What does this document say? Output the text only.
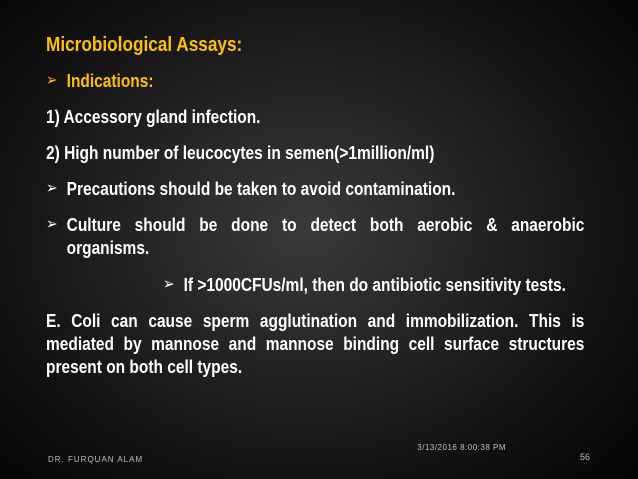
Microbiological Assays:
➢ Indications:
1) Accessory gland infection.
2) High number of leucocytes in semen(>1million/ml)
➢ Precautions should be taken to avoid contamination.
➢ Culture should be done to detect both aerobic & anaerobic organisms.
➢ If >1000CFUs/ml, then do antibiotic sensitivity tests.
E. Coli can cause sperm agglutination and immobilization. This is mediated by mannose and mannose binding cell surface structures present on both cell types.
DR. FURQUAN ALAM
3/13/2016 8:00:38 PM
56
